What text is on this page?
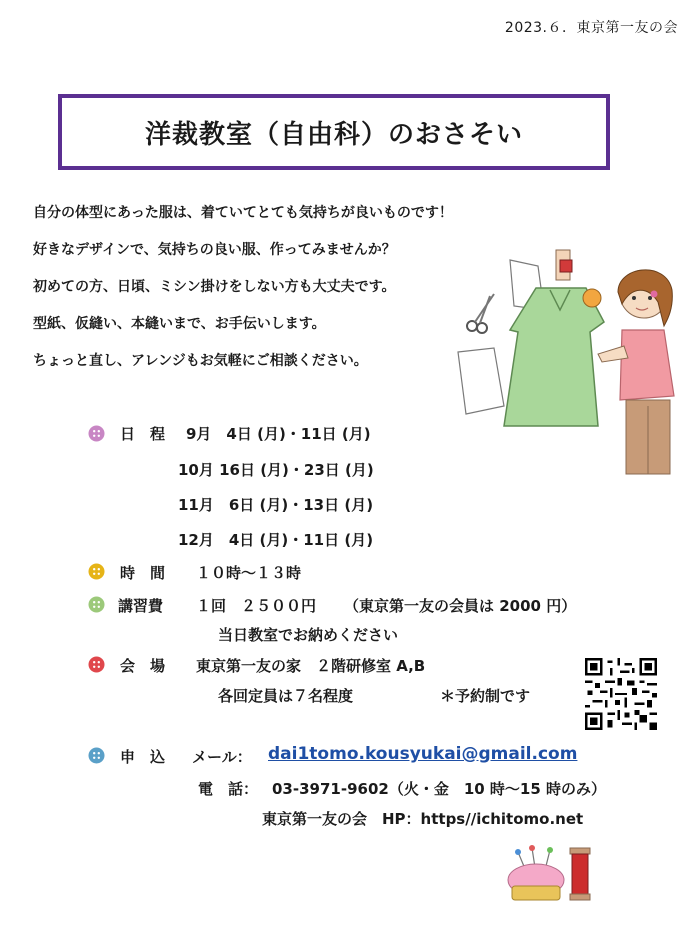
2023.６．東京第一友の会
洋裁教室（自由科）のおさそい
自分の体型にあった服は、着ていてとても気持ちが良いものです！
好きなデザインで、気持ちの良い服、作ってみませんか？
初めての方、日頃、ミシン掛けをしない方も大丈夫です。
型紙、仮縫い、本縫いまで、お手伝いします。
ちょっと直し、アレンジもお気軽にご相談ください。
日　程 9月　4日 (月)・11日 (月)
10月 16日 (月)・23日 (月)
11月　6日 (月)・13日 (月)
12月　4日 (月)・11日 (月)
時　間 １０時～１３時
講習費 １回　２５００円 （東京第一友の会員は 2000 円）
当日教室でお納めください
会　場 東京第一友の家　２階研修室 A,B
各回定員は７名程度	＊予約制です
申　込 メール： dai1tomo.kousyukai@gmail.com
電　話： 03-3971-9602（火・金　10 時～15 時のみ）
東京第一友の会　HP：https//ichitomo.net
